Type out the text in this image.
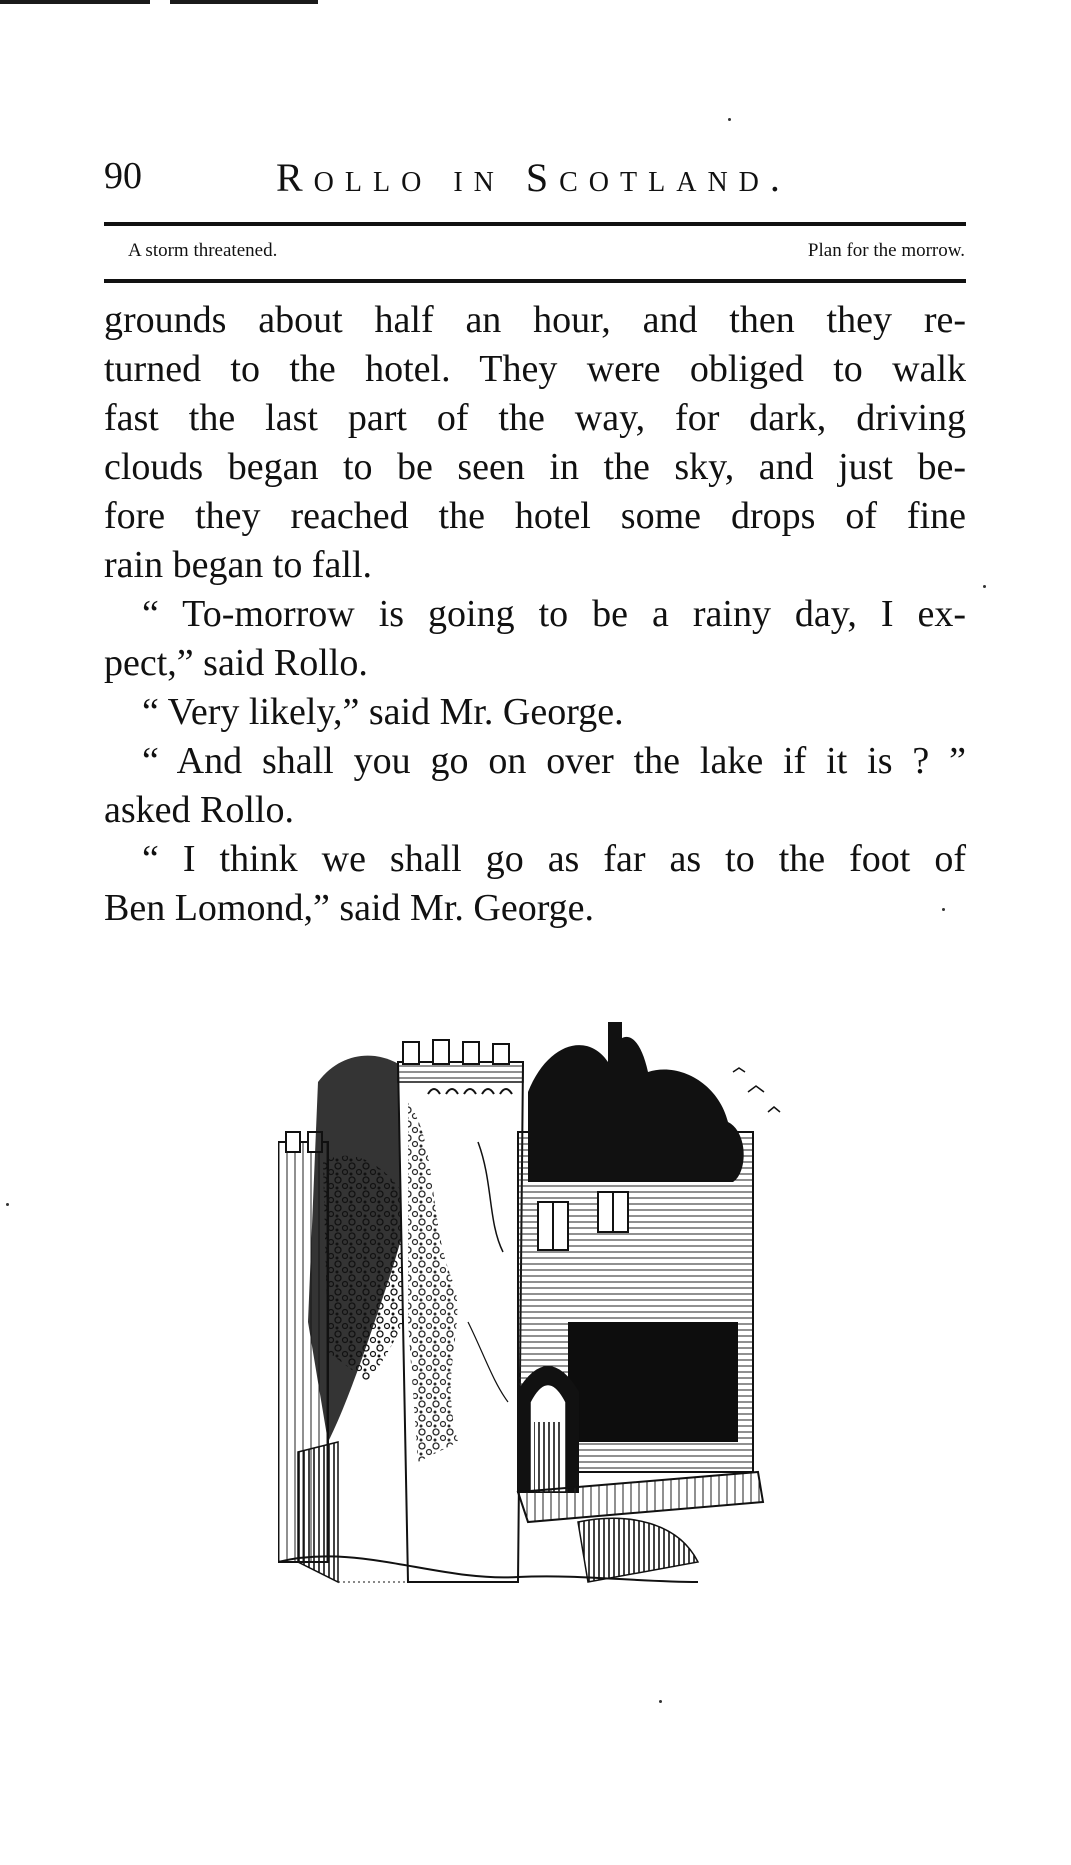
90	Rollo in Scotland.
A storm threatened.	Plan for the morrow.
grounds about half an hour, and then they re-
turned to the hotel. They were obliged to walk
fast the last part of the way, for dark, driving
clouds began to be seen in the sky, and just be-
fore they reached the hotel some drops of fine
rain began to fall.
“ To-morrow is going to be a rainy day, I ex-
pect,” said Rollo.
“ Very likely,” said Mr. George.
“ And shall you go on over the lake if it is ? ”
asked Rollo.
“ I think we shall go as far as to the foot of
Ben Lomond,” said Mr. George.
